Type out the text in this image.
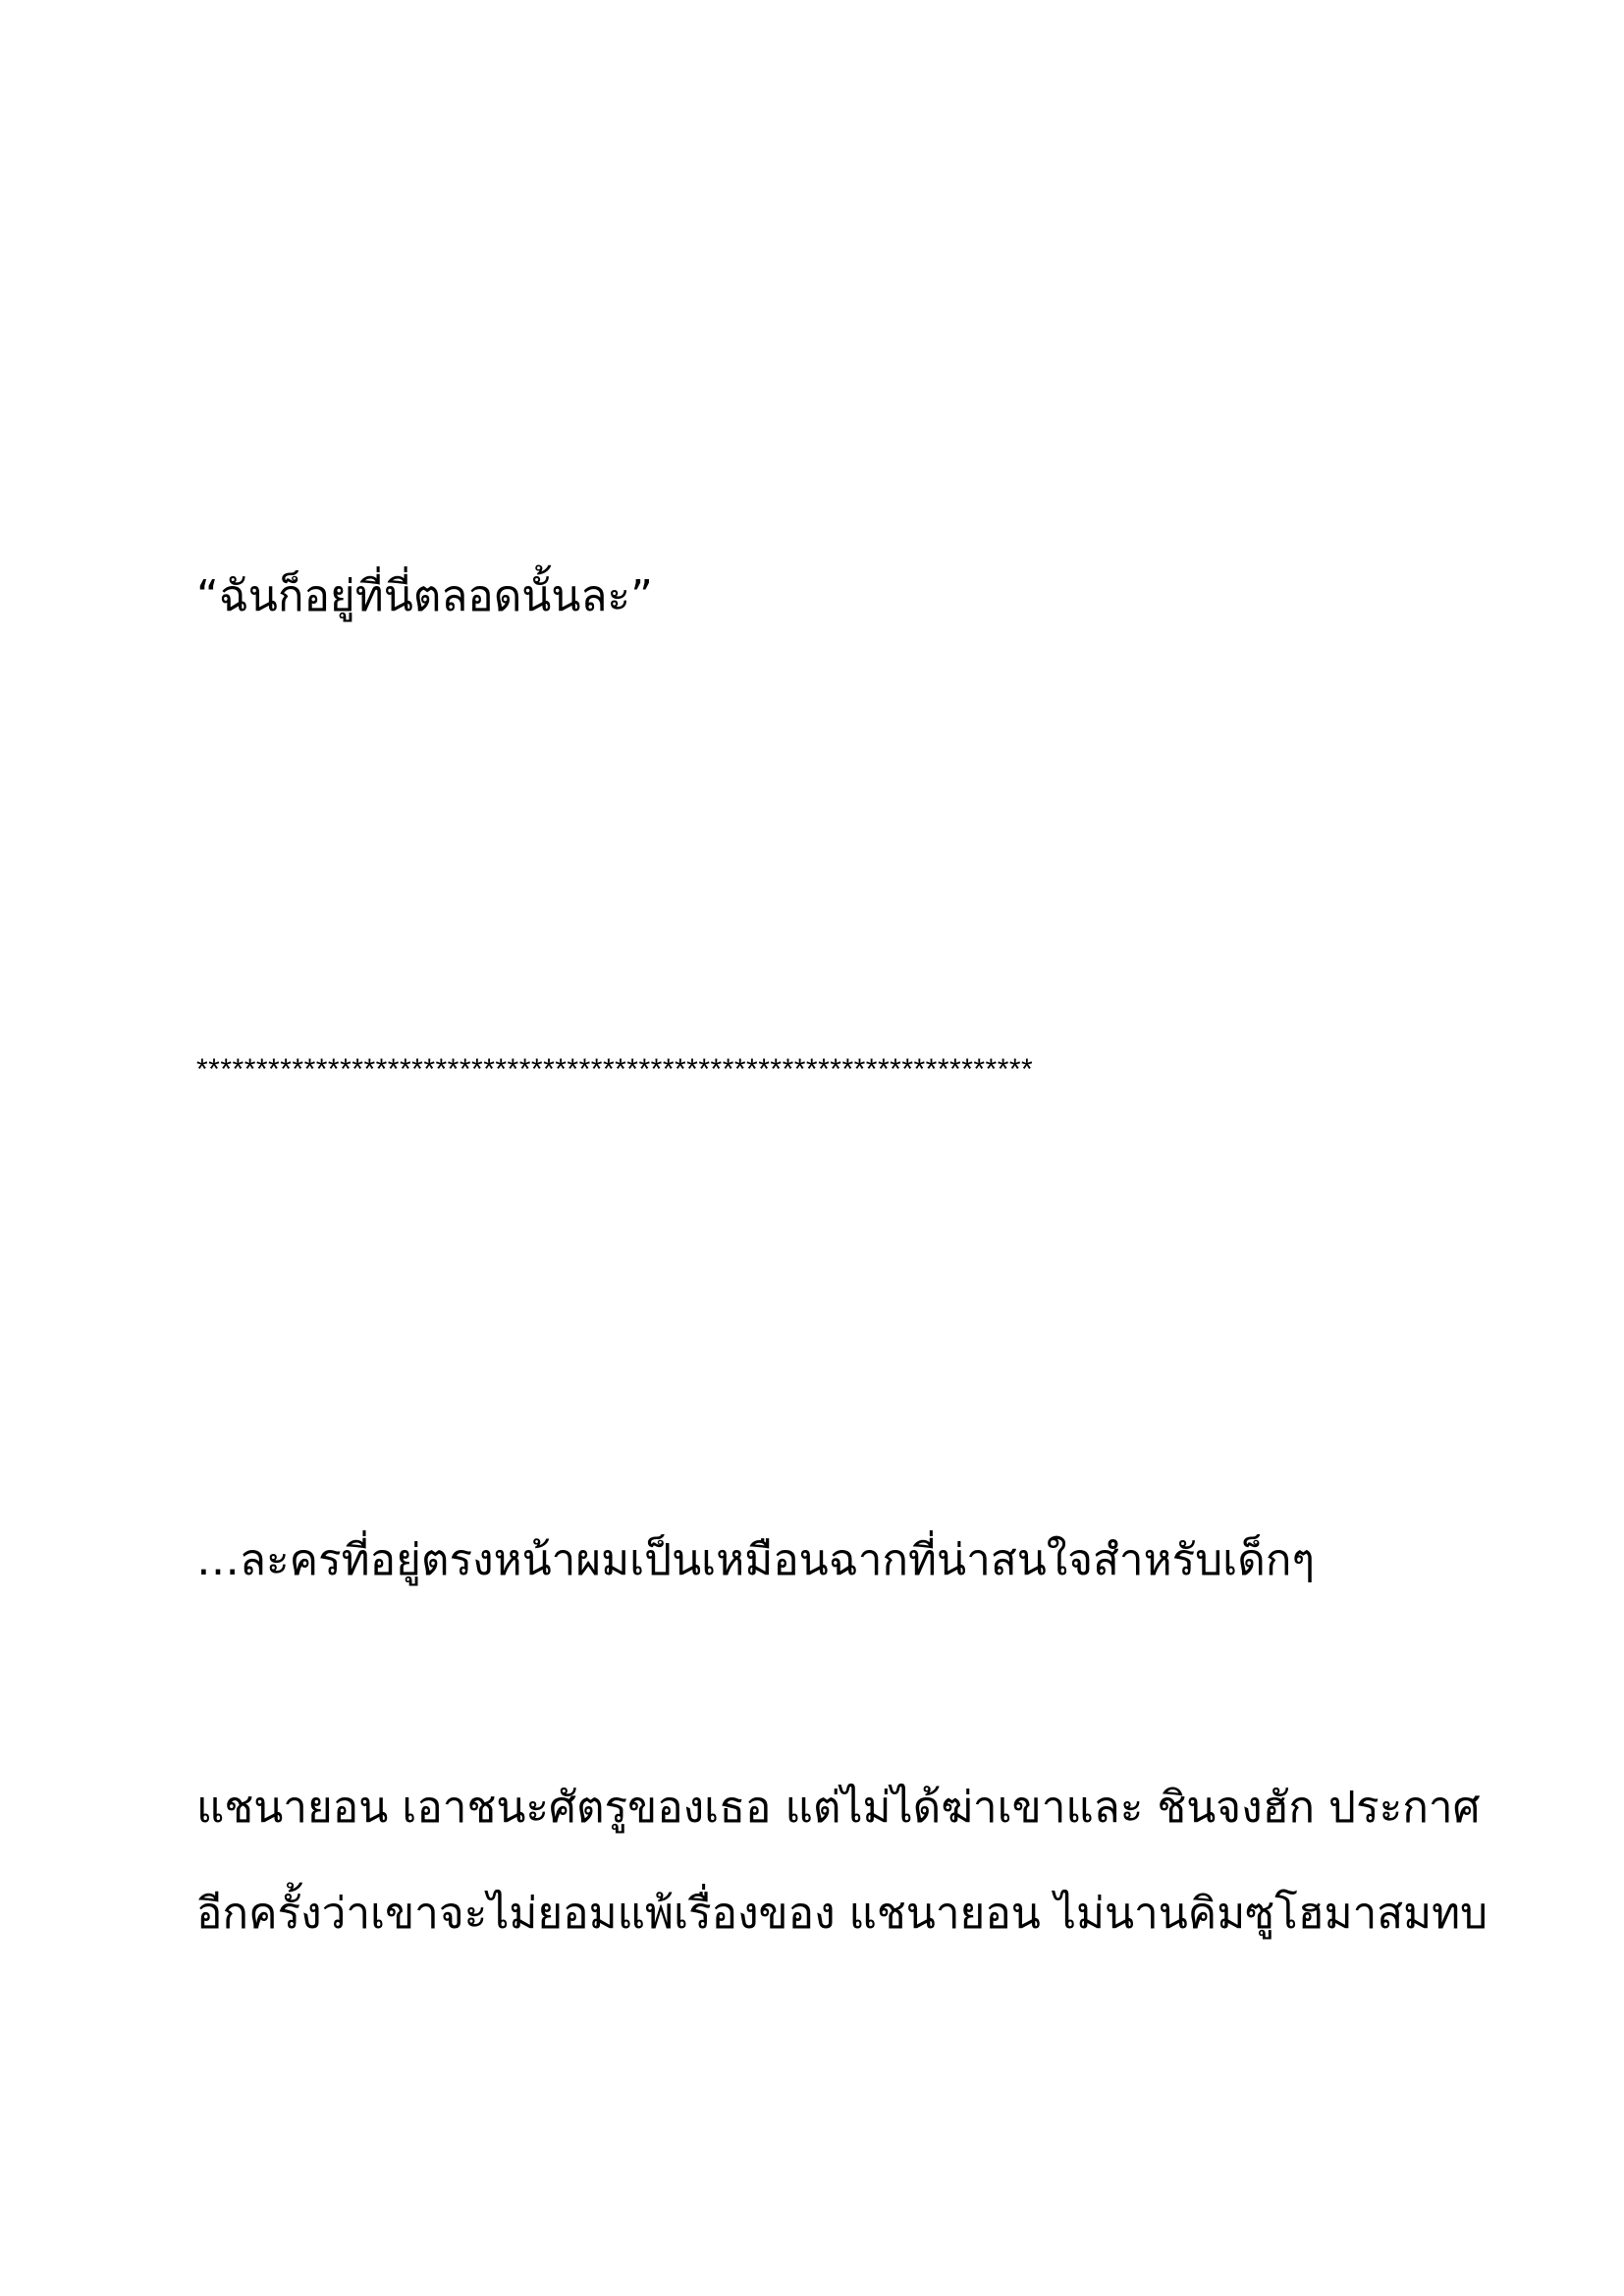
“ฉันก็อยู่ที่นี่ตลอดนั้นละ”

**********************************************************************

…ละครที่อยู่ตรงหน้าผมเป็นเหมือนฉากที่น่าสนใจสำหรับเด็กๆ

แชนายอน เอาชนะศัตรูของเธอ แต่ไม่ได้ฆ่าเขาและ ชินจงฮัก ประกาศ

อีกครั้งว่าเขาจะไม่ยอมแพ้เรื่องของ แชนายอน ไม่นานคิมซูโฮมาสมทบ
